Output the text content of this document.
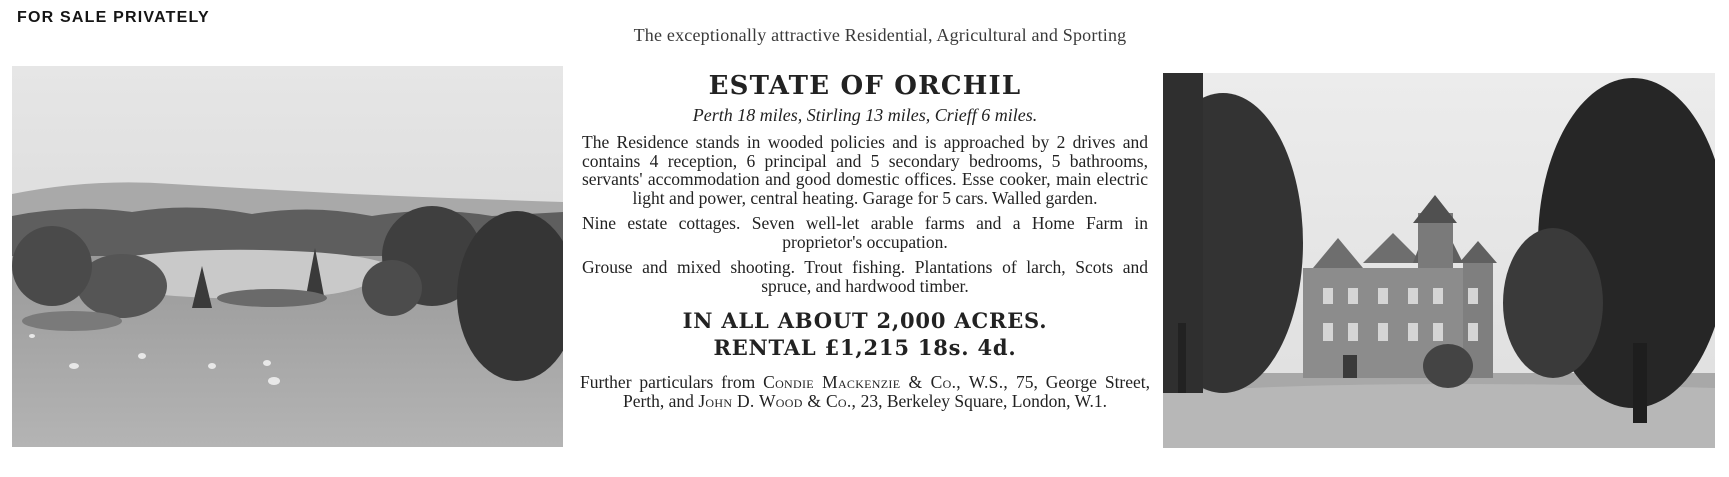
FOR SALE PRIVATELY
The exceptionally attractive Residential, Agricultural and Sporting
ESTATE OF ORCHIL
Perth 18 miles, Stirling 13 miles, Crieff 6 miles.
The Residence stands in wooded policies and is approached by 2 drives and contains 4 reception, 6 principal and 5 secondary bedrooms, 5 bathrooms, servants' accommodation and good domestic offices. Esse cooker, main electric light and power, central heating. Garage for 5 cars. Walled garden.
Nine estate cottages. Seven well-let arable farms and a Home Farm in proprietor's occupation.
Grouse and mixed shooting. Trout fishing. Plantations of larch, Scots and spruce, and hardwood timber.
IN ALL ABOUT 2,000 ACRES.
RENTAL £1,215 18s. 4d.
Further particulars from Condie Mackenzie & Co., W.S., 75, George Street, Perth, and John D. Wood & Co., 23, Berkeley Square, London, W.1.
